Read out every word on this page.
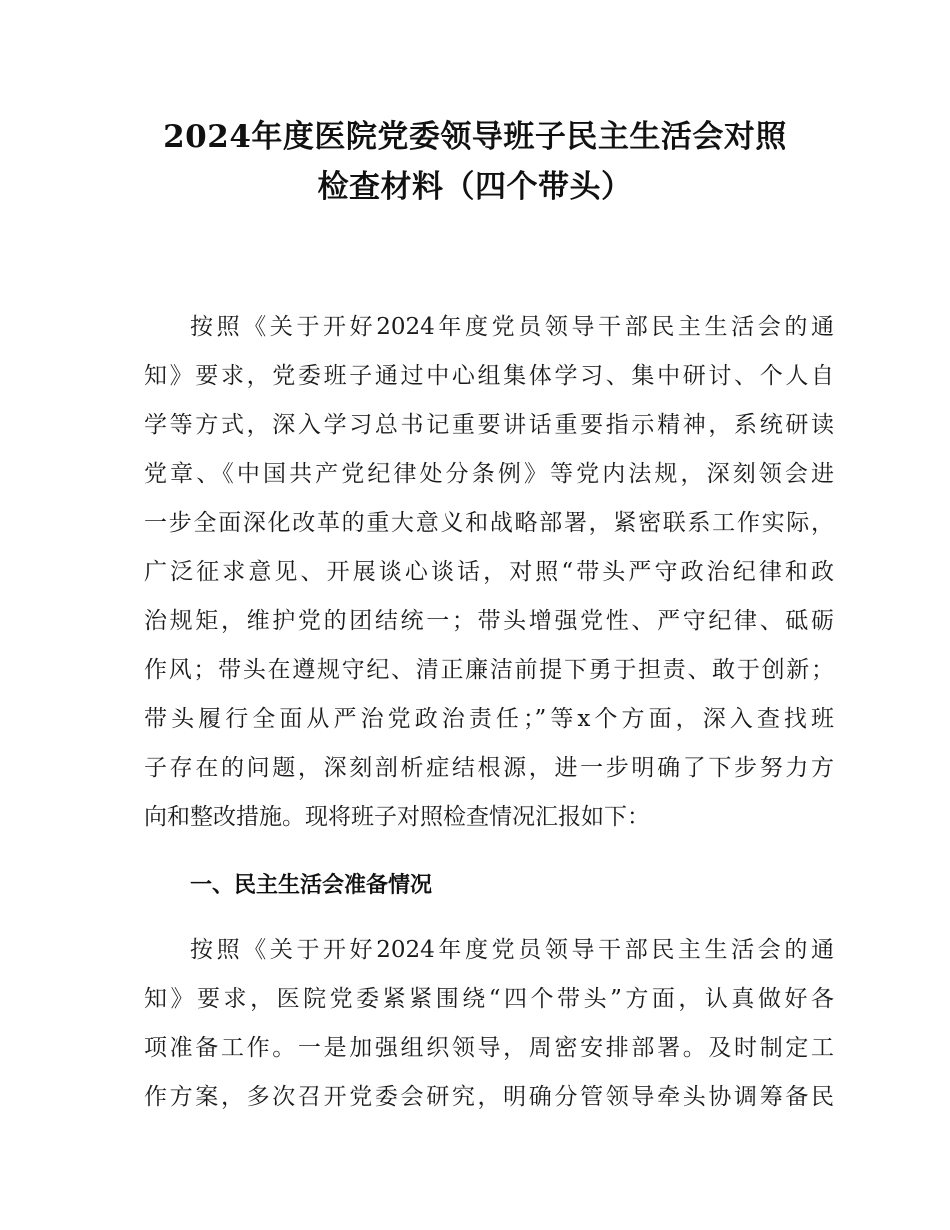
2024年度医院党委领导班子民主生活会对照
检查材料（四个带头）
按照《关于开好2024年度党员领导干部民主生活会的通
知》要求，党委班子通过中心组集体学习、集中研讨、个人自
学等方式，深入学习总书记重要讲话重要指示精神，系统研读
党章、《中国共产党纪律处分条例》等党内法规，深刻领会进
一步全面深化改革的重大意义和战略部署，紧密联系工作实际，
广泛征求意见、开展谈心谈话，对照“带头严守政治纪律和政
治规矩，维护党的团结统一；带头增强党性、严守纪律、砥砺
作风；带头在遵规守纪、清正廉洁前提下勇于担责、敢于创新；
带头履行全面从严治党政治责任；”等x个方面，深入查找班
子存在的问题，深刻剖析症结根源，进一步明确了下步努力方
向和整改措施。现将班子对照检查情况汇报如下：
一、民主生活会准备情况
按照《关于开好2024年度党员领导干部民主生活会的通
知》要求，医院党委紧紧围绕“四个带头”方面，认真做好各
项准备工作。一是加强组织领导，周密安排部署。及时制定工
作方案，多次召开党委会研究，明确分管领导牵头协调筹备民
